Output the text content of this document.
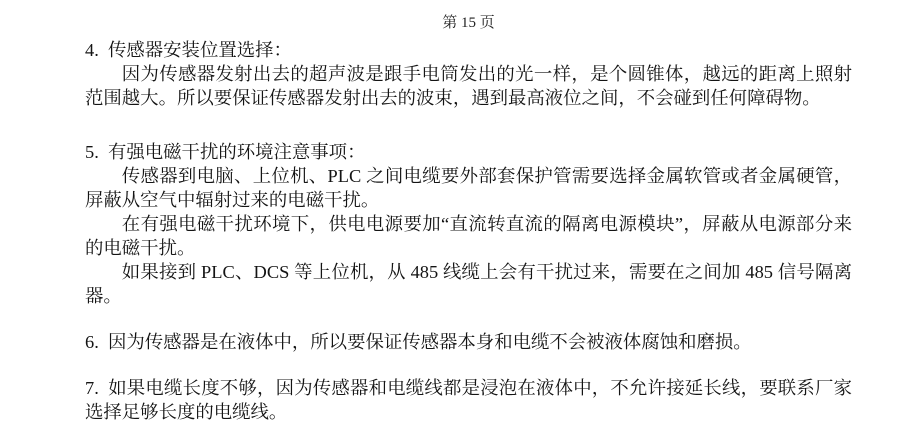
第 15 页

4. 传感器安装位置选择：

因为传感器发射出去的超声波是跟手电筒发出的光一样，是个圆锥体，越远的距离上照射范围越大。所以要保证传感器发射出去的波束，遇到最高液位之间，不会碰到任何障碍物。

5. 有强电磁干扰的环境注意事项：

传感器到电脑、上位机、PLC 之间电缆要外部套保护管需要选择金属软管或者金属硬管，屏蔽从空气中辐射过来的电磁干扰。

在有强电磁干扰环境下，供电电源要加“直流转直流的隔离电源模块”，屏蔽从电源部分来的电磁干扰。

如果接到 PLC、DCS 等上位机，从 485 线缆上会有干扰过来，需要在之间加 485 信号隔离器。

6. 因为传感器是在液体中，所以要保证传感器本身和电缆不会被液体腐蚀和磨损。

7. 如果电缆长度不够，因为传感器和电缆线都是浸泡在液体中，不允许接延长线，要联系厂家选择足够长度的电缆线。
